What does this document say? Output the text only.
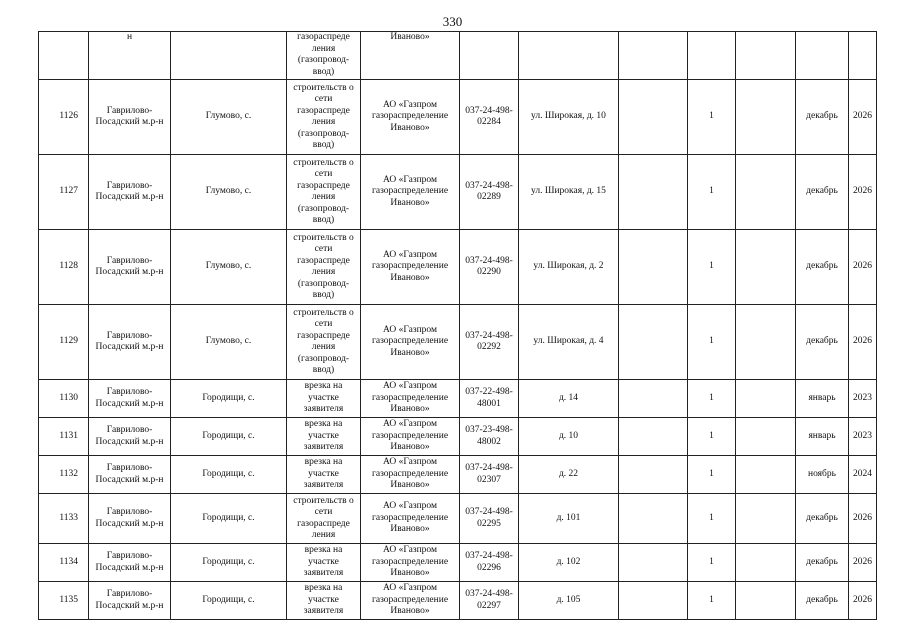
330
	н		газораспреде ления (газопровод- ввод)	Иваново»							
1126	Гаврилово-Посадский м.р-н	Глумово, с.	строительств о сети газораспреде ления (газопровод- ввод)	АО «Газпром газораспределение Иваново»	037-24-498-02284	ул. Широкая, д. 10		1		декабрь	2026
1127	Гаврилово-Посадский м.р-н	Глумово, с.	строительств о сети газораспреде ления (газопровод- ввод)	АО «Газпром газораспределение Иваново»	037-24-498-02289	ул. Широкая, д. 15		1		декабрь	2026
1128	Гаврилово-Посадский м.р-н	Глумово, с.	строительств о сети газораспреде ления (газопровод- ввод)	АО «Газпром газораспределение Иваново»	037-24-498-02290	ул. Широкая, д. 2		1		декабрь	2026
1129	Гаврилово-Посадский м.р-н	Глумово, с.	строительств о сети газораспреде ления (газопровод- ввод)	АО «Газпром газораспределение Иваново»	037-24-498-02292	ул. Широкая, д. 4		1		декабрь	2026
1130	Гаврилово-Посадский м.р-н	Городищи, с.	врезка на участке заявителя	АО «Газпром газораспределение Иваново»	037-22-498-48001	д. 14		1		январь	2023
1131	Гаврилово-Посадский м.р-н	Городищи, с.	врезка на участке заявителя	АО «Газпром газораспределение Иваново»	037-23-498-48002	д. 10		1		январь	2023
1132	Гаврилово-Посадский м.р-н	Городищи, с.	врезка на участке заявителя	АО «Газпром газораспределение Иваново»	037-24-498-02307	д. 22		1		ноябрь	2024
1133	Гаврилово-Посадский м.р-н	Городищи, с.	строительств о сети газораспреде ления	АО «Газпром газораспределение Иваново»	037-24-498-02295	д. 101		1		декабрь	2026
1134	Гаврилово-Посадский м.р-н	Городищи, с.	врезка на участке заявителя	АО «Газпром газораспределение Иваново»	037-24-498-02296	д. 102		1		декабрь	2026
1135	Гаврилово-Посадский м.р-н	Городищи, с.	врезка на участке заявителя	АО «Газпром газораспределение Иваново»	037-24-498-02297	д. 105		1		декабрь	2026
